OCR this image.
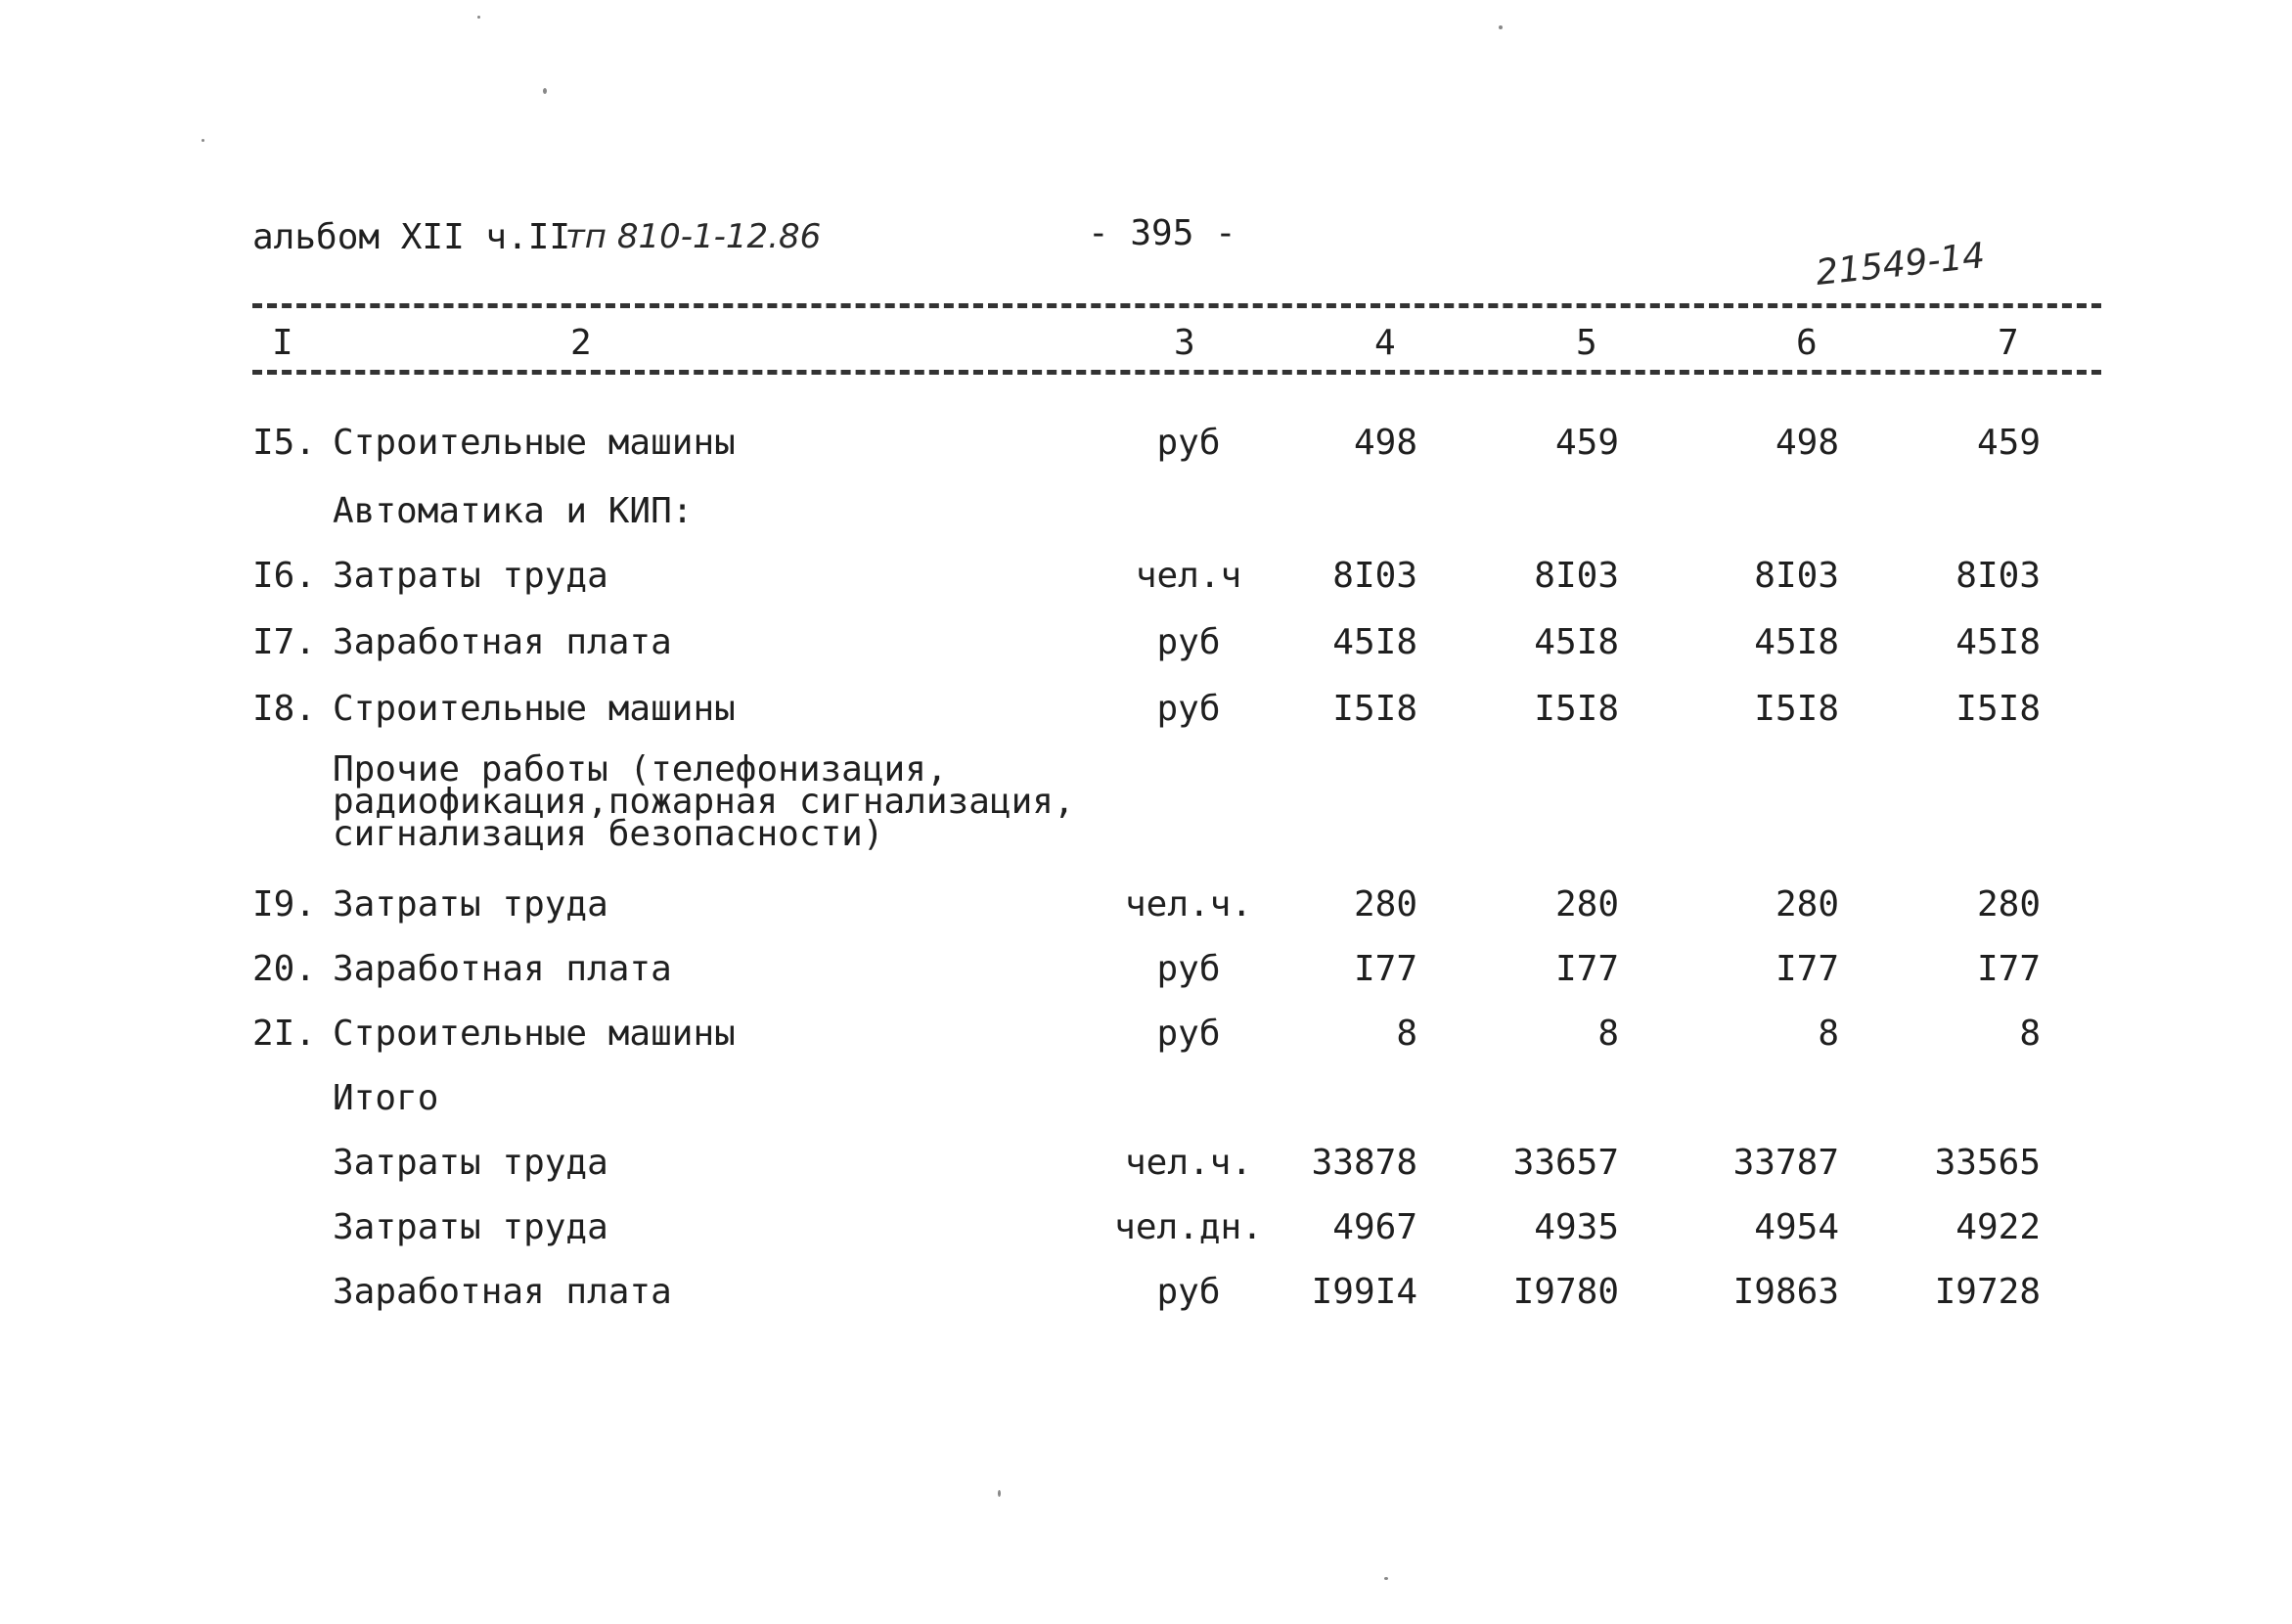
альбом XII ч.II
тп 810-1-12.86	- 395 -
21549-14
I	2	3	4	5	6	7
I5. Строительные машины	руб	498	459	498	459
Автоматика и КИП:
I6. Затраты труда	чел.ч	8I03	8I03	8I03	8I03
I7. Заработная плата	руб	45I8	45I8	45I8	45I8
I8. Строительные машины	руб	I5I8	I5I8	I5I8	I5I8
I9. Затраты труда	чел.ч.	280	280	280	280
20. Заработная плата	руб	I77	I77	I77	I77
2I. Строительные машины	руб	8	8	8	8
Итого
Затраты труда	чел.ч.	33878	33657	33787	33565
Затраты труда	чел.дн.	4967	4935	4954	4922
Заработная плата	руб	I99I4	I9780	I9863	I9728
Прочие работы (телефонизация,
радиофикация,пожарная сигнализация,
сигнализация безопасности)
